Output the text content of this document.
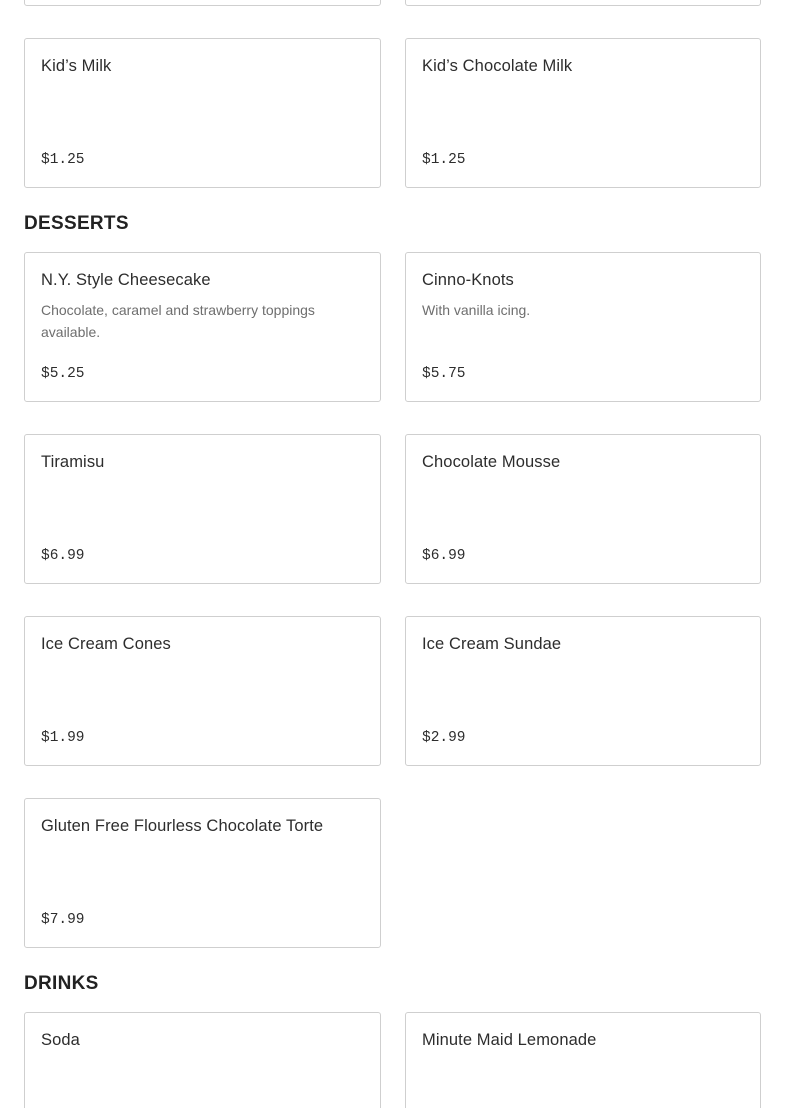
Kid’s Milk
$1.25
Kid’s Chocolate Milk
$1.25
DESSERTS
N.Y. Style Cheesecake
Chocolate, caramel and strawberry toppings available.
$5.25
Cinno-Knots
With vanilla icing.
$5.75
Tiramisu
$6.99
Chocolate Mousse
$6.99
Ice Cream Cones
$1.99
Ice Cream Sundae
$2.99
Gluten Free Flourless Chocolate Torte
$7.99
DRINKS
Soda	Minute Maid Lemonade
